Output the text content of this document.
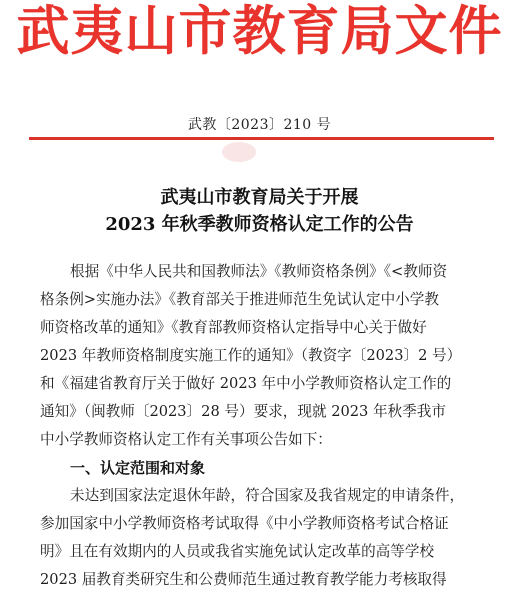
武夷山市教育局文件
武教〔2023〕210 号
武夷山市教育局关于开展
2023 年秋季教师资格认定工作的公告
根据《中华人民共和国教师法》《教师资格条例》《<教师资
格条例>实施办法》《教育部关于推进师范生免试认定中小学教
师资格改革的通知》《教育部教师资格认定指导中心关于做好
2023 年教师资格制度实施工作的通知》（教资字〔2023〕2 号）
和《福建省教育厅关于做好 2023 年中小学教师资格认定工作的
通知》（闽教师〔2023〕28 号）要求，现就 2023 年秋季我市
中小学教师资格认定工作有关事项公告如下：
一、认定范围和对象
未达到国家法定退休年龄，符合国家及我省规定的申请条件，
参加国家中小学教师资格考试取得《中小学教师资格考试合格证
明》且在有效期内的人员或我省实施免试认定改革的高等学校
2023 届教育类研究生和公费师范生通过教育教学能力考核取得
